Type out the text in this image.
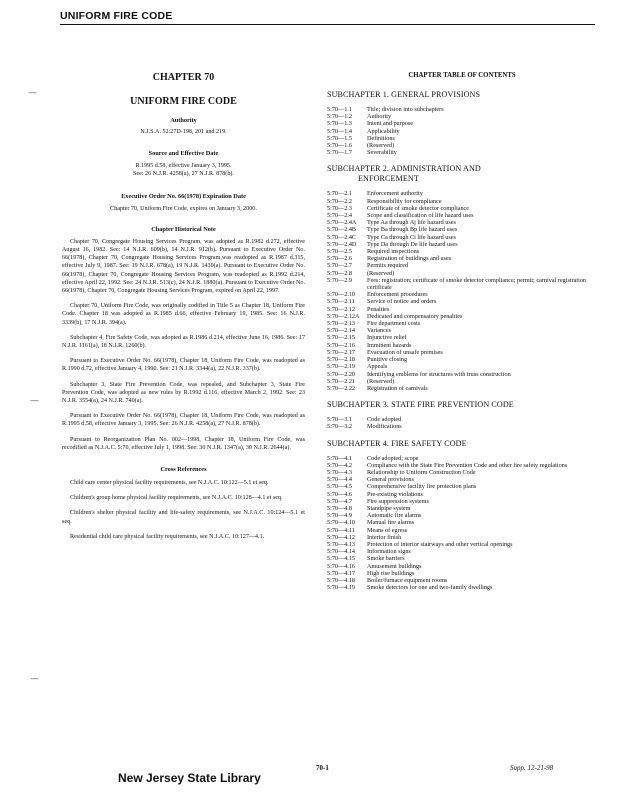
UNIFORM FIRE CODE
—
—
—
CHAPTER 70
UNIFORM FIRE CODE
Authority
N.J.S.A. 52:27D-198, 201 and 219.
Source and Effective Date
R.1995 d.58, effective January 3, 1995.
See: 26 N.J.R. 4258(a), 27 N.J.R. 878(b).
Executive Order No. 66(1978) Expiration Date
Chapter 70, Uniform Fire Code, expires on January 3, 2000.
Chapter Historical Note
Chapter 70, Congregate Housing Services Program, was adopted as R.1982 d.272, effective August 16, 1982. See: 14 N.J.R. 609(b), 14 N.J.R. 912(b). Pursuant to Executive Order No. 66(1978), Chapter 70, Congregate Housing Services Program,was readopted as R.1987 d.315, effective July 9, 1987. See: 19 N.J.R. 678(a), 19 N.J.R. 1430(a). Pursuant to Executive Order No. 66(1978), Chapter 70, Congregate Housing Services Program, was readopted as R.1992 d.214, effective April 22, 1992. See: 24 N.J.R. 513(c), 24 N.J.R. 1880(a). Pursuant to Executive Order No. 66(1978), Chapter 70, Congregate Housing Services Program, expired on April 22, 1997.
Chapter 70, Uniform Fire Code, was originally codified in Title 5 as Chapter 18, Uniform Fire Code. Chapter 18 was adopted as R.1985 d.66, effective February 19, 1985. See: 16 N.J.R. 3339(b), 17 N.J.R. 394(a).
Subchapter 4, Fire Safety Code, was adopted as R.1986 d.214, effective June 16, 1986. See: 17 N.J.R. 1161(a), 18 N.J.R. 1260(b).
Pursuant to Executive Order No. 66(1978), Chapter 18, Uniform Fire Code, was readopted as R.1990 d.72, effective January 4, 1990. See: 21 N.J.R. 3344(a), 22 N.J.R. 337(b).
Subchapter 3, State Fire Prevention Code, was repealed, and Subchapter 3, State Fire Prevention Code, was adopted as new rules by R.1992 d.116, effective March 2, 1992. See: 23 N.J.R. 3554(a), 24 N.J.R. 740(a).
Pursuant to Executive Order No. 66(1978), Chapter 18, Uniform Fire Code, was readopted as R.1995 d.58, effective January 3, 1995. See: 26 N.J.R. 4258(a), 27 N.J.R. 878(b).
Pursuant to Reorganization Plan No. 002—1998, Chapter 18, Uniform Fire Code, was recodified as N.J.A.C. 5:70, effective July 1, 1998. See: 30 N.J.R. 1347(a), 30 N.J.R. 2644(a).
Cross References
Child care center physical facility requirements, see N.J.A.C. 10:122—5.1 et seq.
Children's group home physical facility requirements, see N.J.A.C. 10:128—4.1 et seq.
Children's shelter physical facility and life-safety requirements, see N.J.A.C. 10:124—5.1 et seq.
Residential child care physical facility requirements, see N.J.A.C. 10:127—4.1.
CHAPTER TABLE OF CONTENTS
SUBCHAPTER 1. GENERAL PROVISIONS
5:70—1.1	Title; division into subchapters
5:70—1.2	Authority
5:70—1.3	Intent and purpose
5:70—1.4	Applicability
5:70—1.5	Definitions
5:70—1.6	(Reserved)
5:70—1.7	Severability
SUBCHAPTER 2. ADMINISTRATION AND
ENFORCEMENT
5:70—2.1	Enforcement authority
5:70—2.2	Responsibility for compliance
5:70—2.3	Certificate of smoke detector compliance
5:70—2.4	Scope and classification of life hazard uses
5:70—2.4A	Type Aa through Aj life hazard uses
5:70—2.4B	Type Ba through Bp life hazard uses
5:70—2.4C	Type Ca through Ci life hazard uses
5:70—2.4D	Type Da through De life hazard uses
5:70—2.5	Required inspections
5:70—2.6	Registration of buildings and uses
5:70—2.7	Permits required
5:70—2.8	(Reserved)
5:70—2.9	Fees: registration; certificate of smoke detector compliance; permit; carnival registration certificate
5:70—2.10	Enforcement procedures
5:70—2.11	Service of notice and orders
5:70—2.12	Penalties
5:70—2.12A	Dedicated and compensatory penalties
5:70—2.13	Fire department costs
5:70—2.14	Variances
5:70—2.15	Injunctive relief
5:70—2.16	Imminent hazards
5:70—2.17	Evacuation of unsafe premises
5:70—2.18	Punitive closing
5:70—2.19	Appeals
5:70—2.20	Identifying emblems for structures with truss construction
5:70—2.21	(Reserved)
5:70—2.22	Registration of carnivals
SUBCHAPTER 3. STATE FIRE PREVENTION CODE
5:70—3.1	Code adopted
5:70—3.2	Modifications
SUBCHAPTER 4. FIRE SAFETY CODE
5:70—4.1	Code adopted; scope
5:70—4.2	Compliance with the State Fire Prevention Code and other fire safety regulations
5:70—4.3	Relationship to Uniform Construction Code
5:70—4.4	General provisions
5:70—4.5	Comprehensive facility fire protection plans
5:70—4.6	Pre-existing violations
5:70—4.7	Fire suppression systems
5:70—4.8	Standpipe system
5:70—4.9	Automatic fire alarms
5:70—4.10	Manual fire alarms
5:70—4.11	Means of egress
5:70—4.12	Interior finish
5:70—4.13	Protection of interior stairways and other vertical openings
5:70—4.14	Information signs
5:70—4.15	Smoke barriers
5:70—4.16	Amusement buildings
5:70—4.17	High rise buildings
5:70—4.18	Boiler/furnace equipment rooms
5:70—4.19	Smoke detectors for one and two-family dwellings
New Jersey State Library
70-1	Supp. 12-21-98
